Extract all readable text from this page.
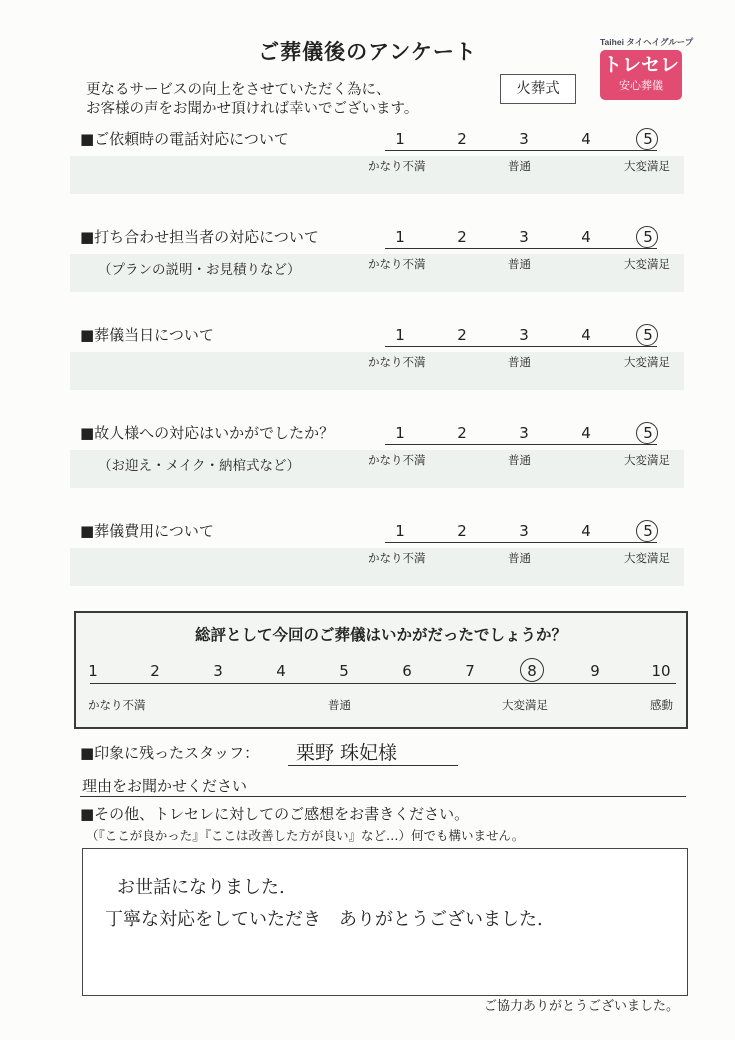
ご葬儀後のアンケート
更なるサービスの向上をさせていただく為に、
お客様の声をお聞かせ頂ければ幸いでございます。
火葬式
Taihei タイヘイグループ
トレセレ
安心葬儀
■ご依頼時の電話対応について	1	2	3	4	5
かなり不満	普通	大変満足
■打ち合わせ担当者の対応について
（プランの説明・お見積りなど）
1	2	3	4	5
かなり不満	普通	大変満足
■葬儀当日について	1	2	3	4	5
かなり不満	普通	大変満足
■故人様への対応はいかがでしたか？
（お迎え・メイク・納棺式など）
1	2	3	4	5
かなり不満	普通	大変満足
■葬儀費用について	1	2	3	4	5
かなり不満	普通	大変満足
総評として今回のご葬儀はいかがだったでしょうか？
かなり不満	普通	大変満足	感動
1	2	3	4	5	6	7	8	9	10
■印象に残ったスタッフ： 栗野 珠妃様
理由をお聞かせください
■その他、トレセレに対してのご感想をお書きください。
（『ここが良かった』『ここは改善した方が良い』など…）何でも構いません。
お世話になりました.
丁寧な対応をしていただき　ありがとうございました.
ご協力ありがとうございました。
